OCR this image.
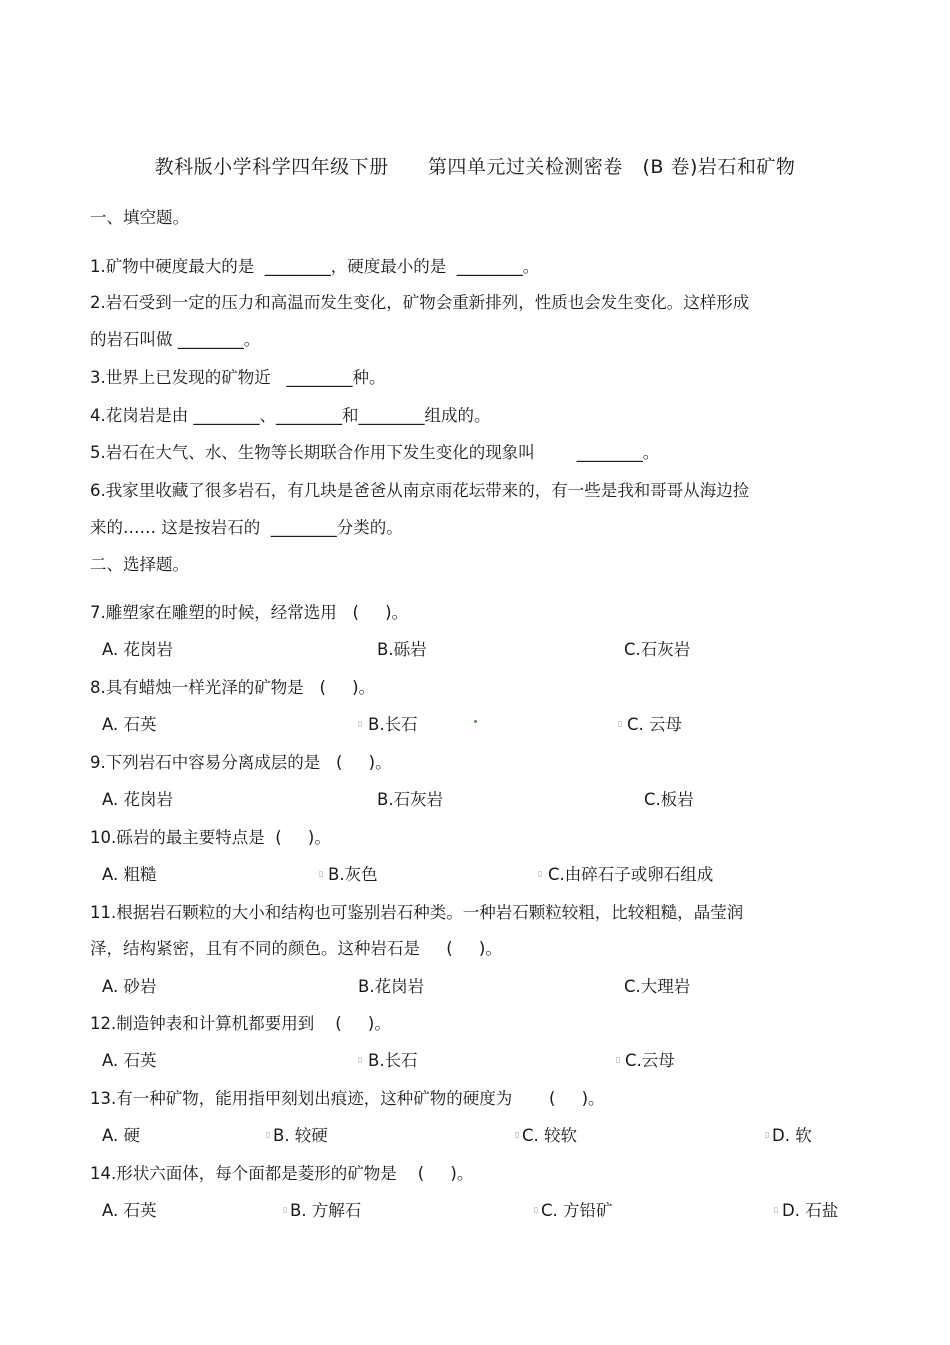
教科版小学科学四年级下册      第四单元过关检测密卷   (B 卷)岩石和矿物
一、填空题。
1.矿物中硬度最大的是  ________，硬度最小的是  ________。
2.岩石受到一定的压力和高温而发生变化，矿物会重新排列，性质也会发生变化。这样形成
的岩石叫做 ________。
3.世界上已发现的矿物近   ________种。
4.花岗岩是由 ________、________和________组成的。
5.岩石在大气、水、生物等长期联合作用下发生变化的现象叫        ________。
6.我家里收藏了很多岩石，有几块是爸爸从南京雨花坛带来的，有一些是我和哥哥从海边捡
来的…… 这是按岩石的  ________分类的。
二、选择题。
7.雕塑家在雕塑的时候，经常选用   (     )。
A. 花岗岩	B.砾岩	C.石灰岩
8.具有蜡烛一样光泽的矿物是   (     )。
A. 石英	▯ B.长石	▯ C. 云母
9.下列岩石中容易分离成层的是   (     )。
A. 花岗岩	B.石灰岩	C.板岩
10.砾岩的最主要特点是  (     )。
A. 粗糙	▯ B.灰色	▯ C.由碎石子或卵石组成
11.根据岩石颗粒的大小和结构也可鉴别岩石种类。一种岩石颗粒较粗，比较粗糙，晶莹润
泽，结构紧密，且有不同的颜色。这种岩石是     (     )。
A. 砂岩	B.花岗岩	C.大理岩
12.制造钟表和计算机都要用到    (     )。
A. 石英	▯ B.长石	▯ C.云母
13.有一种矿物，能用指甲刻划出痕迹，这种矿物的硬度为       (     )。
A. 硬	▯ B. 较硬	▯ C. 较软	▯ D. 软
14.形状六面体，每个面都是菱形的矿物是    (     )。
A. 石英	▯ B. 方解石	▯ C. 方铅矿	▯ D. 石盐
